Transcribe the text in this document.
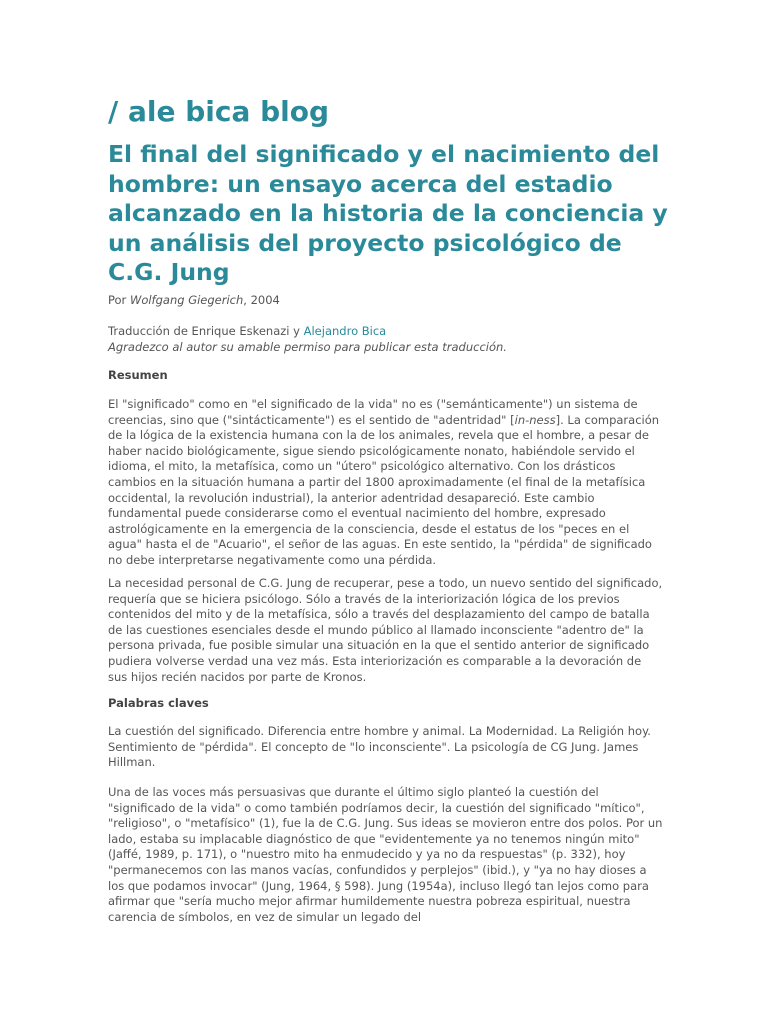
/ ale bica blog
El final del significado y el nacimiento del hombre: un ensayo acerca del estadio alcanzado en la historia de la conciencia y un análisis del proyecto psicológico de C.G. Jung
Por Wolfgang Giegerich, 2004
Traducción de Enrique Eskenazi y Alejandro Bica
Agradezco al autor su amable permiso para publicar esta traducción.
Resumen

El "significado" como en "el significado de la vida" no es ("semánticamente") un sistema de creencias, sino que ("sintácticamente") es el sentido de "adentridad" [in-ness]. La comparación de la lógica de la existencia humana con la de los animales, revela que el hombre, a pesar de haber nacido biológicamente, sigue siendo psicológicamente nonato, habiéndole servido el idioma, el mito, la metafísica, como un "útero" psicológico alternativo. Con los drásticos cambios en la situación humana a partir del 1800 aproximadamente (el final de la metafísica occidental, la revolución industrial), la anterior adentridad desapareció. Este cambio fundamental puede considerarse como el eventual nacimiento del hombre, expresado astrológicamente en la emergencia de la consciencia, desde el estatus de los "peces en el agua" hasta el de "Acuario", el señor de las aguas. En este sentido, la "pérdida" de significado no debe interpretarse negativamente como una pérdida.

La necesidad personal de C.G. Jung de recuperar, pese a todo, un nuevo sentido del significado, requería que se hiciera psicólogo. Sólo a través de la interiorización lógica de los previos contenidos del mito y de la metafísica, sólo a través del desplazamiento del campo de batalla de las cuestiones esenciales desde el mundo público al llamado inconsciente "adentro de" la persona privada, fue posible simular una situación en la que el sentido anterior de significado pudiera volverse verdad una vez más. Esta interiorización es comparable a la devoración de sus hijos recién nacidos por parte de Kronos.

Palabras claves

La cuestión del significado. Diferencia entre hombre y animal. La Modernidad. La Religión hoy. Sentimiento de "pérdida". El concepto de "lo inconsciente". La psicología de CG Jung. James Hillman.

Una de las voces más persuasivas que durante el último siglo planteó la cuestión del "significado de la vida" o como también podríamos decir, la cuestión del significado "mítico", "religioso", o "metafísico" (1), fue la de C.G. Jung. Sus ideas se movieron entre dos polos. Por un lado, estaba su implacable diagnóstico de que "evidentemente ya no tenemos ningún mito" (Jaffé, 1989, p. 171), o "nuestro mito ha enmudecido y ya no da respuestas" (p. 332), hoy "permanecemos con las manos vacías, confundidos y perplejos" (ibid.), y "ya no hay dioses a los que podamos invocar" (Jung, 1964, § 598). Jung (1954a), incluso llegó tan lejos como para afirmar que "sería mucho mejor afirmar humildemente nuestra pobreza espiritual, nuestra carencia de símbolos, en vez de simular un legado del
